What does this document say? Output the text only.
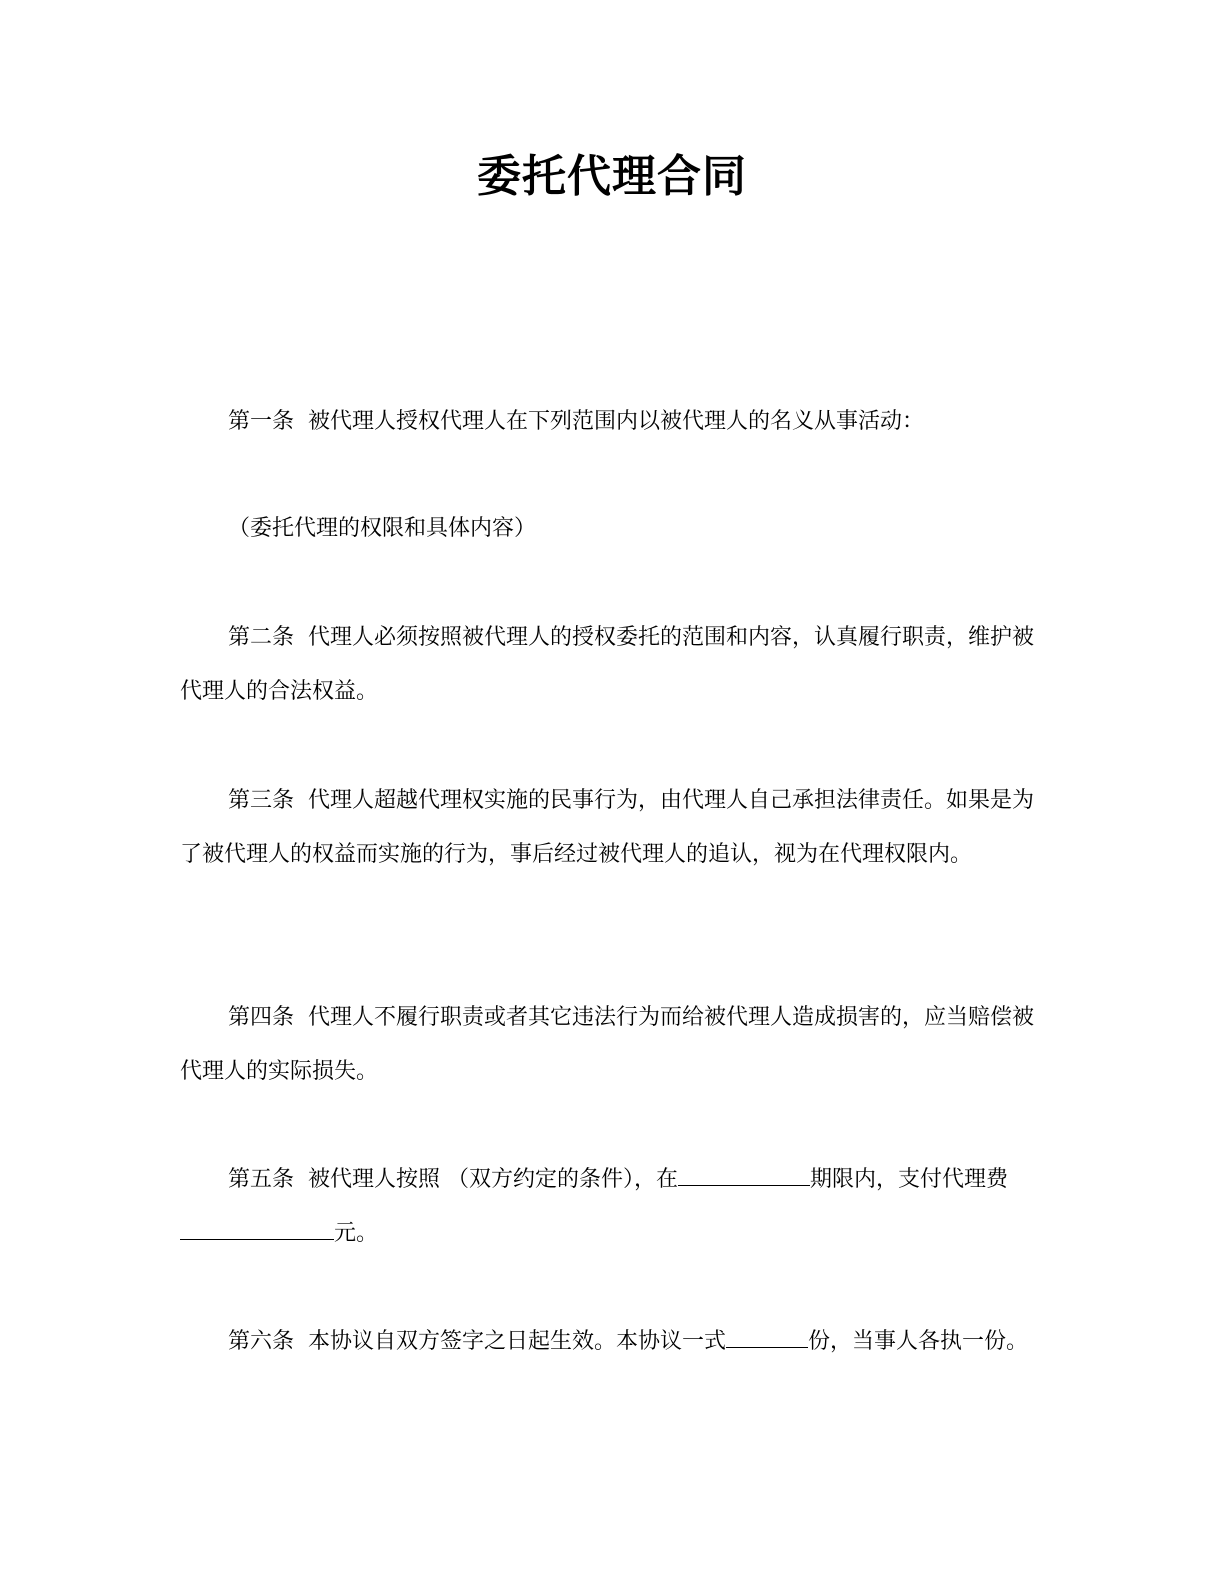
委托代理合同

第一条 被代理人授权代理人在下列范围内以被代理人的名义从事活动：

（委托代理的权限和具体内容）

第二条 代理人必须按照被代理人的授权委托的范围和内容，认真履行职责，维护被代理人的合法权益。

第三条 代理人超越代理权实施的民事行为，由代理人自己承担法律责任。如果是为了被代理人的权益而实施的行为，事后经过被代理人的追认，视为在代理权限内。

第四条 代理人不履行职责或者其它违法行为而给被代理人造成损害的，应当赔偿被代理人的实际损失。

第五条 被代理人按照 （双方约定的条件），在	期限内，支付代理费元。

第六条 本协议自双方签字之日起生效。本协议一式	份，当事人各执一份。
